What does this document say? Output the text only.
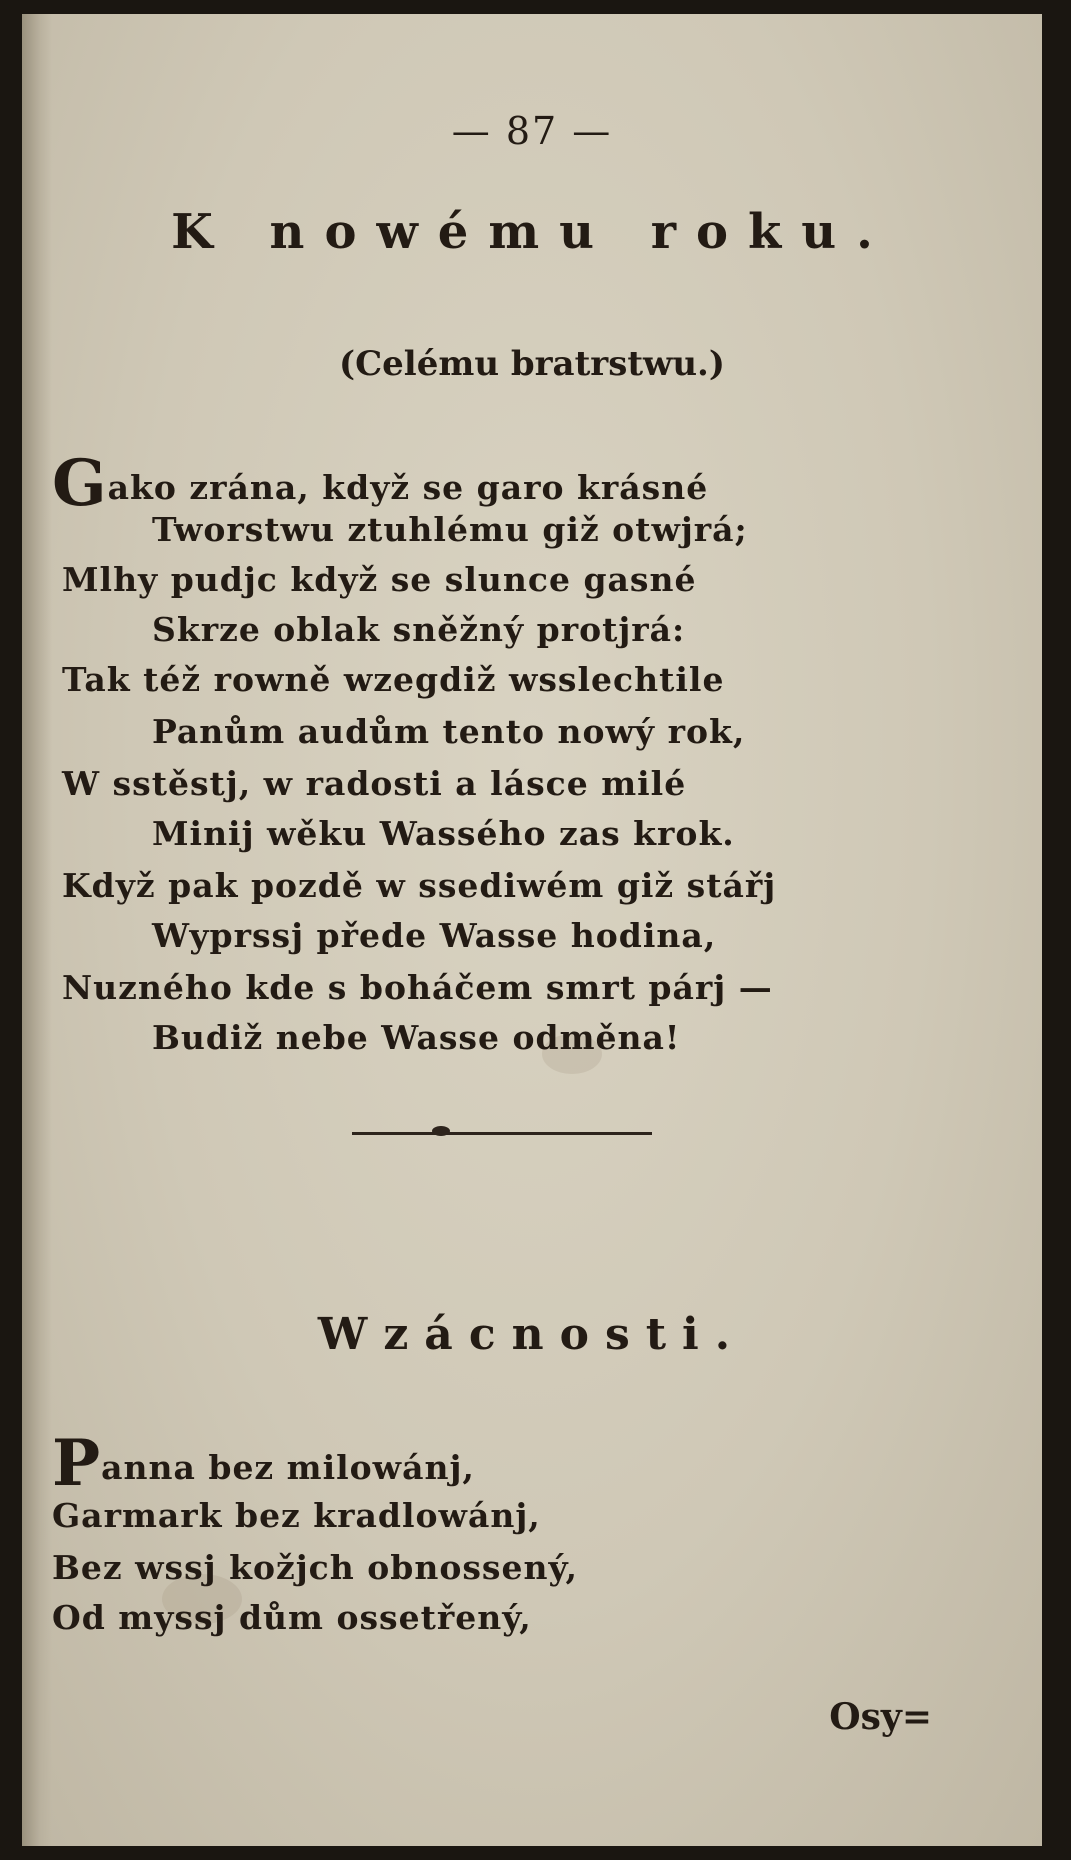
— 87 —
K nowému roku.
(Celému bratrstwu.)
Gako zrána, když se garo krásné
Tworstwu ztuhlému giž otwjrá;
Mlhy pudjc když se slunce gasné
Skrze oblak sněžný protjrá:
Tak též rowně wzegdiž wsslechtile
Panům audům tento nowý rok,
W sstěstj, w radosti a lásce milé
Minij wěku Wassého zas krok.
Když pak pozdě w ssediwém giž stářj
Wyprssj přede Wasse hodina,
Nuzného kde s boháčem smrt párj —
Budiž nebe Wasse odměna!
Wzácnosti.
Panna bez milowánj,
Garmark bez kradlowánj,
Bez wssj kožjch obnossený,
Od myssj dům ossetřený,
Osy=
